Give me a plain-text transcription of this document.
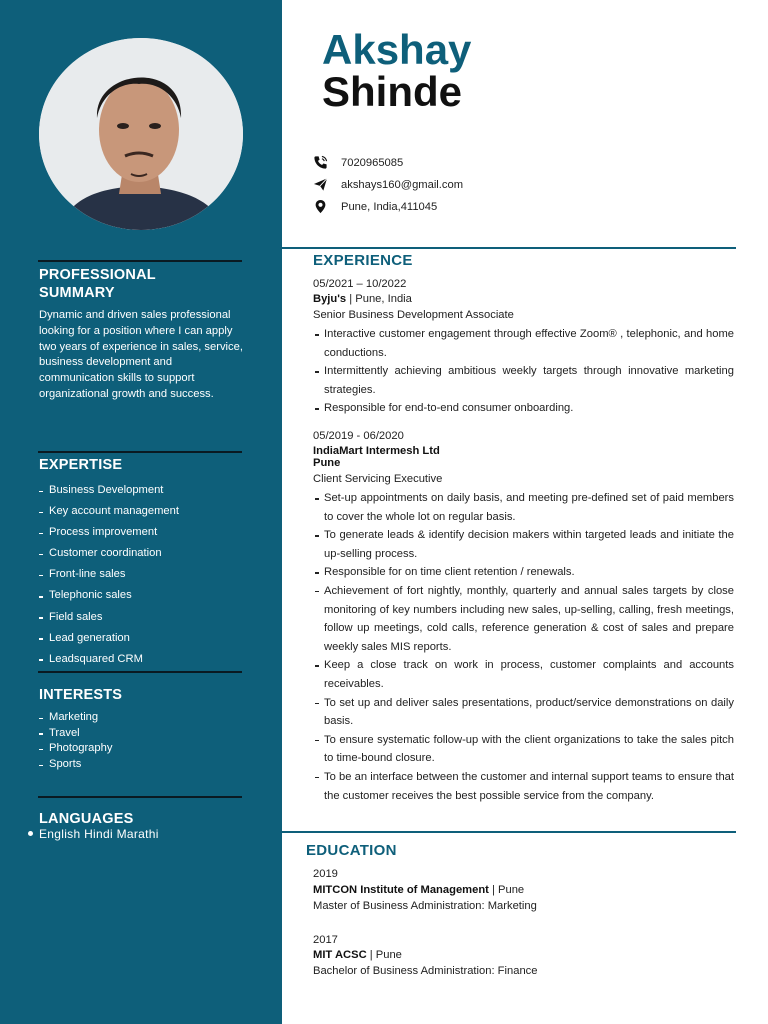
PROFESSIONAL SUMMARY
Dynamic and driven sales professional looking for a position where I can apply two years of experience in sales, service, business development and communication skills to support organizational growth and success.
EXPERTISE
Business Development
Key account management
Process improvement
Customer coordination
Front-line sales
Telephonic sales
Field sales
Lead generation
Leadsquared CRM
INTERESTS
Marketing
Travel
Photography
Sports
LANGUAGES
English Hindi Marathi
Akshay
Shinde
7020965085
akshays160@gmail.com
Pune, India,411045
EXPERIENCE
05/2021 – 10/2022
Byju's | Pune, India
Senior Business Development Associate
Interactive customer engagement through effective Zoom® , telephonic, and home conductions.
Intermittently achieving ambitious weekly targets through innovative marketing strategies.
Responsible for end-to-end consumer onboarding.
05/2019 - 06/2020
IndiaMart Intermesh Ltd
Pune
Client Servicing Executive
Set-up appointments on daily basis, and meeting pre-defined set of paid members to cover the whole lot on regular basis.
To generate leads & identify decision makers within targeted leads and initiate the up-selling process.
Responsible for on time client retention / renewals.
Achievement of fort nightly, monthly, quarterly and annual sales targets by close monitoring of key numbers including new sales, up-selling, calling, fresh meetings, follow up meetings, cold calls, reference generation & cost of sales and prepare weekly sales MIS reports.
Keep a close track on work in process, customer complaints and accounts receivables.
To set up and deliver sales presentations, product/service demonstrations on daily basis.
To ensure systematic follow-up with the client organizations to take the sales pitch to time-bound closure.
To be an interface between the customer and internal support teams to ensure that the customer receives the best possible service from the company.
EDUCATION
2019
MITCON Institute of Management | Pune
Master of Business Administration: Marketing
2017
MIT ACSC | Pune
Bachelor of Business Administration: Finance
